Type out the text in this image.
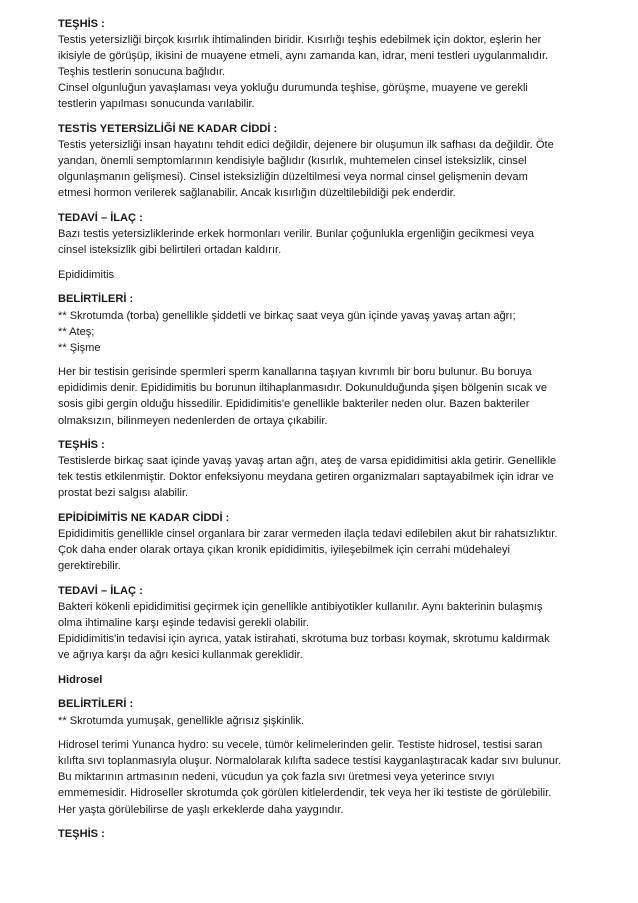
TEŞHİS :
Testis yetersizliği birçok kısırlık ihtimalinden biridir. Kısırlığı teşhis edebilmek için doktor, eşlerin her
ikisiyle de görüşüp, ikisini de muayene etmeli, aynı zamanda kan, idrar, meni testleri uygulanmalıdır.
Teşhis testlerin sonucuna bağlıdır.
Cinsel olgunluğun yavaşlaması veya yokluğu durumunda teşhise, görüşme, muayene ve gerekli
testlerin yapılması sonucunda varılabilir.
TESTİS YETERSİZLİĞİ NE KADAR CİDDİ :
Testis yetersizliği insan hayatını tehdit edici değildir, dejenere bir oluşumun ilk safhası da değildir. Öte
yandan, önemli semptomlarının kendisiyle bağlıdır (kısırlık, muhtemelen cinsel isteksizlik, cinsel
olgunlaşmanın gelişmesi). Cinsel isteksizliğin düzeltilmesi veya normal cinsel gelişmenin devam
etmesi hormon verilerek sağlanabilir. Ancak kısırlığın düzeltilebildiği pek enderdir.
TEDAVİ – İLAÇ :
Bazı testis yetersizliklerinde erkek hormonları verilir. Bunlar çoğunlukla ergenliğin gecikmesi veya
cinsel isteksizlik gibi belirtileri ortadan kaldırır.
Epididimitis
BELİRTİLERİ :
** Skrotumda (torba) genellikle şiddetli ve birkaç saat veya gün içinde yavaş yavaş artan ağrı;
** Ateş;
** Şişme
Her bir testisin gerisinde spermleri sperm kanallarına taşıyan kıvrımlı bir boru bulunur. Bu boruya
epididimis denir. Epididimitis bu borunun iltihaplanmasıdır. Dokunulduğunda şişen bölgenin sıcak ve
sosis gibi gergin olduğu hissedilir. Epididimitis'e genellikle bakteriler neden olur. Bazen bakteriler
olmaksızın, bilinmeyen nedenlerden de ortaya çıkabilir.
TEŞHİS :
Testislerde birkaç saat içinde yavaş yavaş artan ağrı, ateş de varsa epididimitisi akla getirir. Genellikle
tek testis etkilenmiştir. Doktor enfeksiyonu meydana getiren organizmaları saptayabilmek için idrar ve
prostat bezi salgısı alabilir.
EPİDİDİMİTİS NE KADAR CİDDİ :
Epididimitis genellikle cinsel organlara bir zarar vermeden ilaçla tedavi edilebilen akut bir rahatsızlıktır.
Çok daha ender olarak ortaya çıkan kronik epididimitis, iyileşebilmek için cerrahi müdehaleyi
gerektirebilir.
TEDAVİ – İLAÇ :
Bakteri kökenli epididimitisi geçirmek için genellikle antibiyotikler kullanılır. Aynı bakterinin bulaşmış
olma ihtimaline karşı eşinde tedavisi gerekli olabilir.
Epididimitis'in tedavisi için ayrıca, yatak istirahati, skrotuma buz torbası koymak, skrotumu kaldırmak
ve ağrıya karşı da ağrı kesici kullanmak gereklidir.
Hidrosel
BELİRTİLERİ :
** Skrotumda yumuşak, genellikle ağrısız şişkinlik.
Hidrosel terimi Yunanca hydro: su vecele, tümör kelimelerinden gelir. Testiste hidrosel, testisi saran
kılıfta sıvı toplanmasıyla oluşur. Normalolarak kılıfta sadece testisi kayganlaştıracak kadar sıvı bulunur.
Bu miktarının artmasının nedeni, vücudun ya çok fazla sıvı üretmesi veya yeterince sıvıyı
emmemesidir. Hidroseller skrotumda çok görülen kitlelerdendir, tek veya her iki testiste de görülebilir.
Her yaşta görülebilirse de yaşlı erkeklerde daha yaygındır.
TEŞHİS :
